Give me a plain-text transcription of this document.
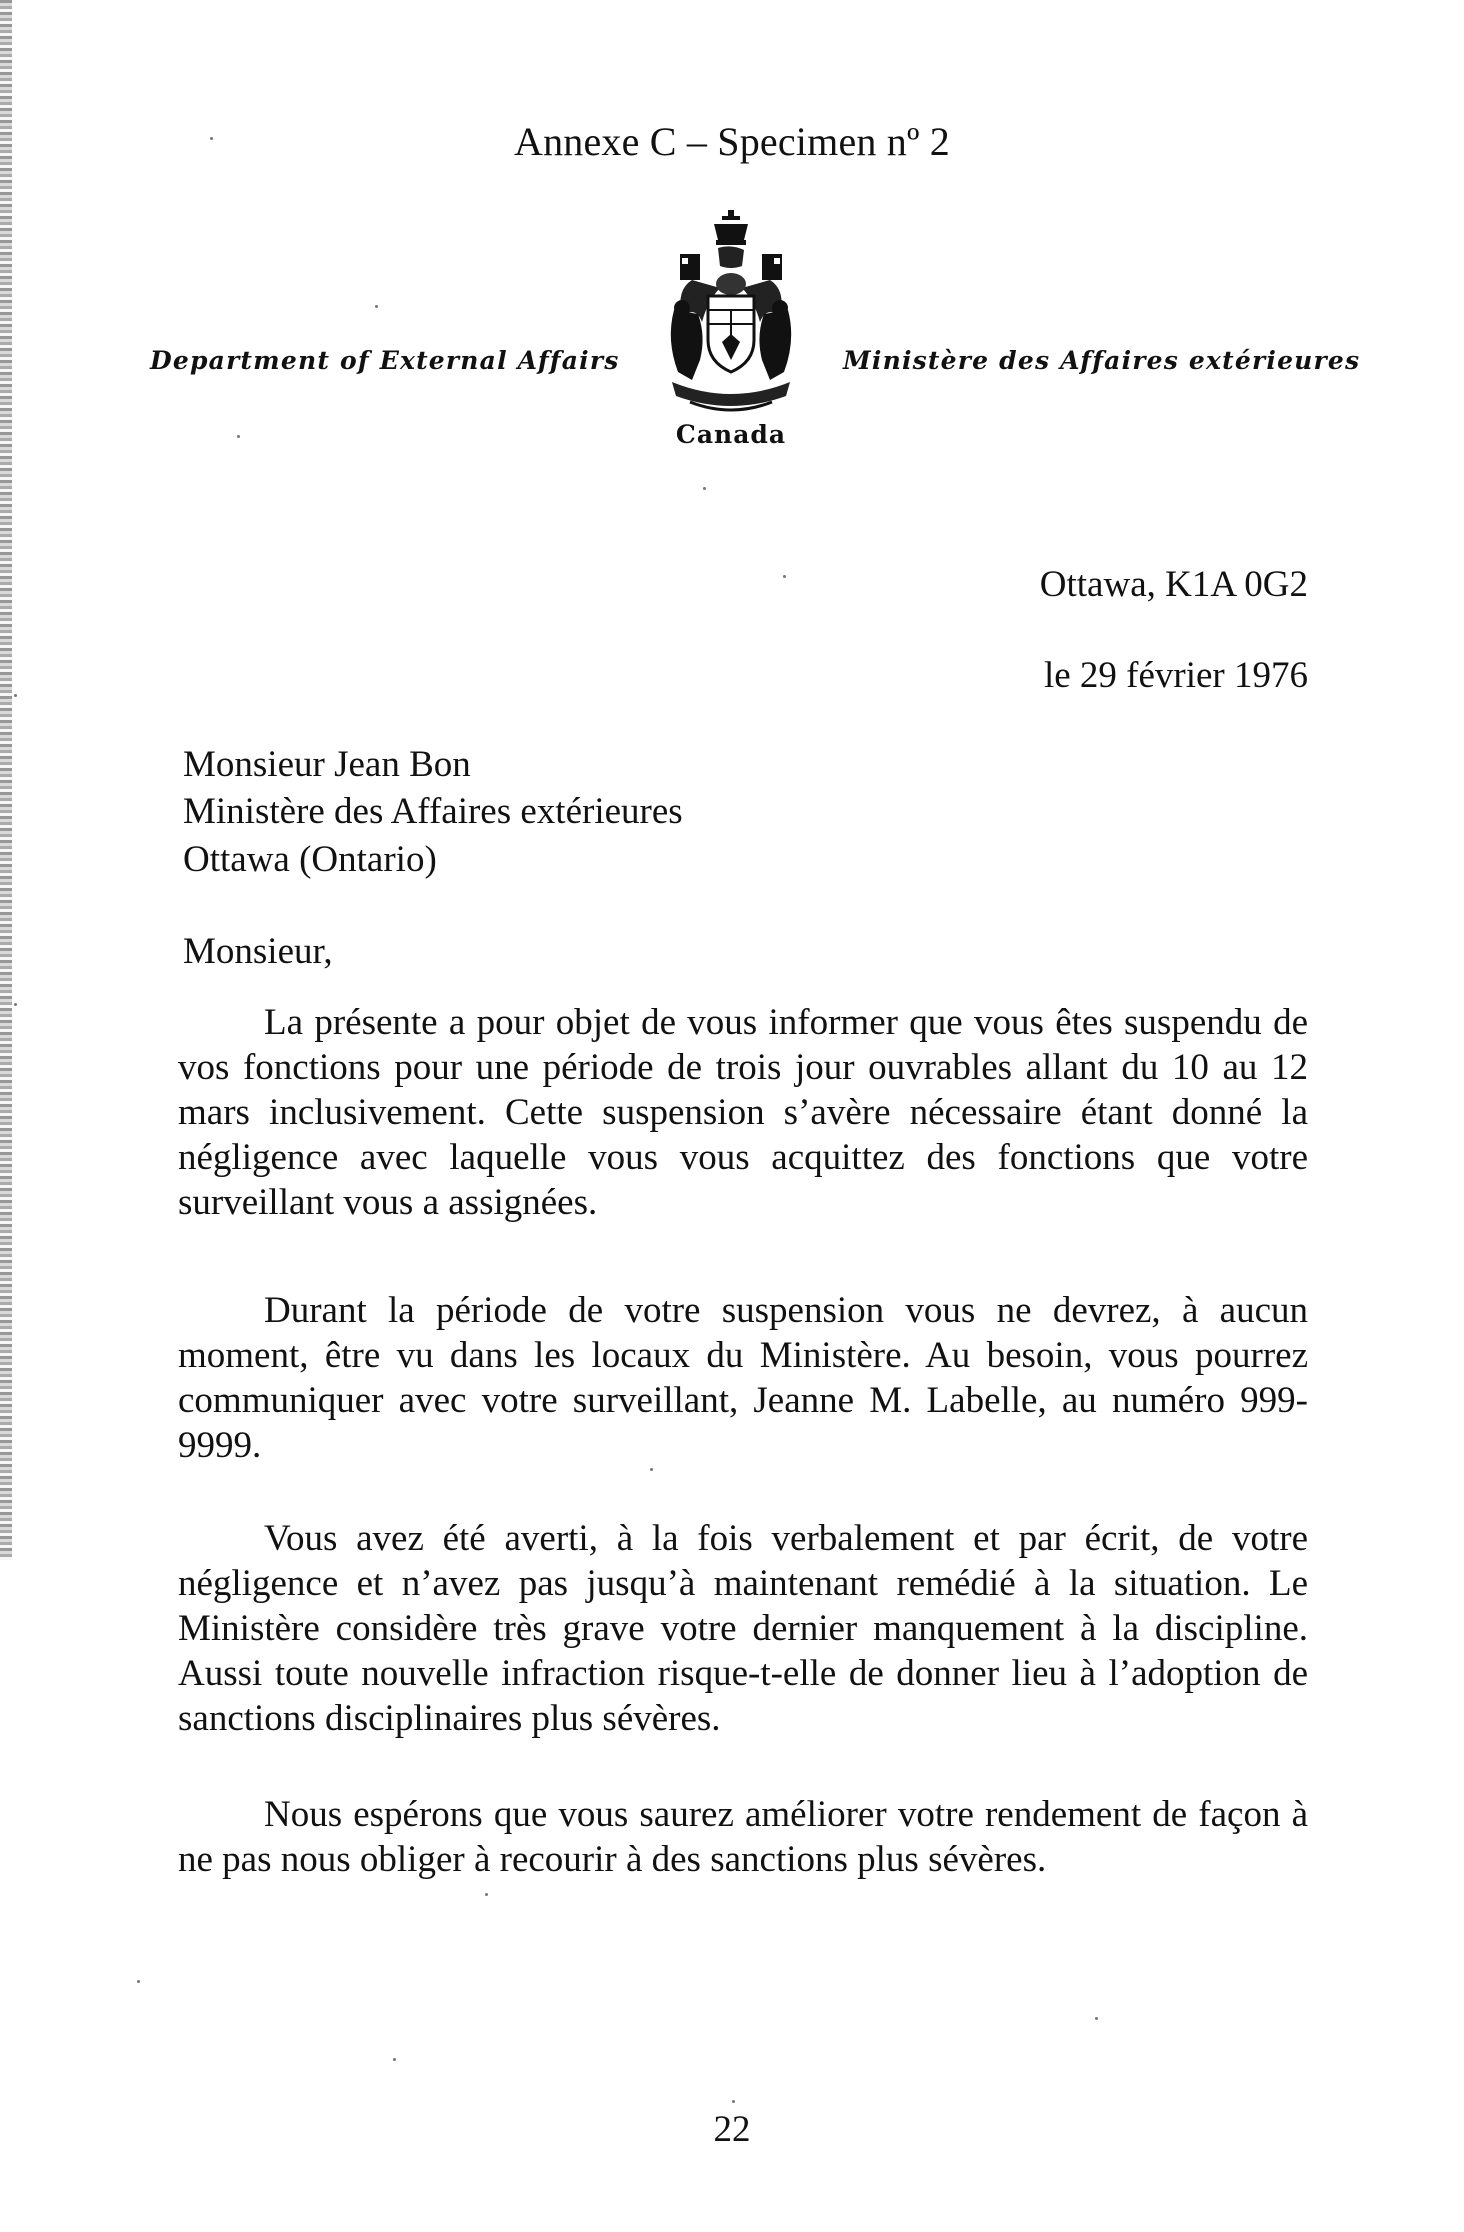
Annexe C – Specimen nº 2
Department of External Affairs
Canada
Ministère des Affaires extérieures
Ottawa, K1A 0G2
le 29 février 1976
Monsieur Jean Bon
Ministère des Affaires extérieures
Ottawa (Ontario)
Monsieur,

La présente a pour objet de vous informer que vous êtes suspendu de vos fonctions pour une période de trois jour ouvrables allant du 10 au 12 mars inclusivement. Cette suspension s’avère nécessaire étant donné la négligence avec laquelle vous vous acquittez des fonctions que votre surveillant vous a assignées.

Durant la période de votre suspension vous ne devrez, à aucun moment, être vu dans les locaux du Ministère. Au besoin, vous pourrez communiquer avec votre surveillant, Jeanne M. Labelle, au numéro 999-9999.

Vous avez été averti, à la fois verbalement et par écrit, de votre négligence et n’avez pas jusqu’à maintenant remédié à la situation. Le Ministère considère très grave votre dernier manquement à la discipline. Aussi toute nouvelle infraction risque-t-elle de donner lieu à l’adoption de sanctions disciplinaires plus sévères.

Nous espérons que vous saurez améliorer votre rendement de façon à ne pas nous obliger à recourir à des sanctions plus sévères.

22
